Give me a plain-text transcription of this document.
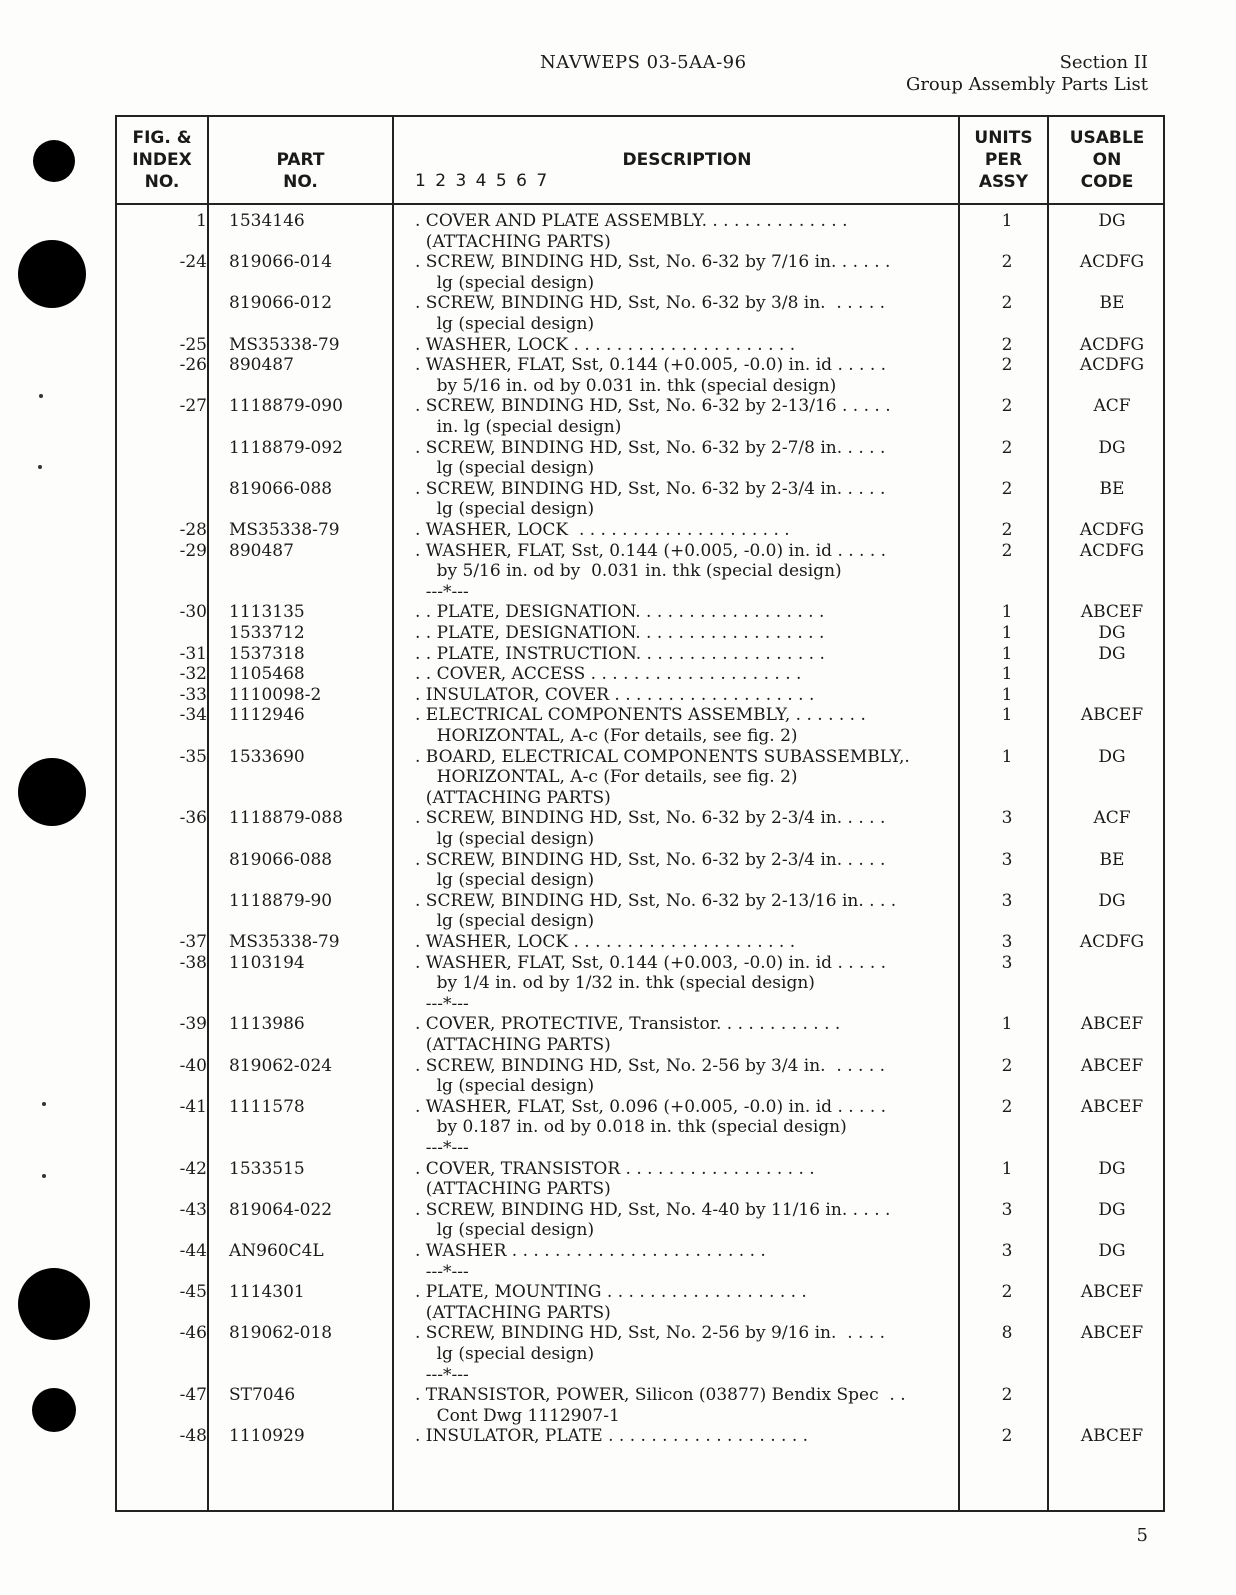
NAVWEPS 03-5AA-96	Section II
Group Assembly Parts List
FIG. &
INDEX
NO.
PART
NO.
DESCRIPTION
1 2 3 4 5 6 7
UNITS
PER
ASSY
USABLE
ON
CODE
1 1534146	. COVER AND PLATE ASSEMBLY. . . . . . . . . . . . . .	1	DG
(ATTACHING PARTS)
-24 819066-014	. SCREW, BINDING HD, Sst, No. 6-32 by 7/16 in. . . . . .	2	ACDFG
lg (special design)
819066-012	. SCREW, BINDING HD, Sst, No. 6-32 by 3/8 in.  . . . . .	2	BE
lg (special design)
-25 MS35338-79	. WASHER, LOCK . . . . . . . . . . . . . . . . . . . . .	2	ACDFG
-26 890487	. WASHER, FLAT, Sst, 0.144 (+0.005, -0.0) in. id . . . . .	2	ACDFG
by 5/16 in. od by 0.031 in. thk (special design)
-27 1118879-090	. SCREW, BINDING HD, Sst, No. 6-32 by 2-13/16 . . . . .	2	ACF
in. lg (special design)
1118879-092	. SCREW, BINDING HD, Sst, No. 6-32 by 2-7/8 in. . . . .	2	DG
lg (special design)
819066-088	. SCREW, BINDING HD, Sst, No. 6-32 by 2-3/4 in. . . . .	2	BE
lg (special design)
-28 MS35338-79	. WASHER, LOCK  . . . . . . . . . . . . . . . . . . . .	2	ACDFG
-29 890487	. WASHER, FLAT, Sst, 0.144 (+0.005, -0.0) in. id . . . . .	2	ACDFG
by 5/16 in. od by  0.031 in. thk (special design)
---*---
-30 1113135	. . PLATE, DESIGNATION. . . . . . . . . . . . . . . . . .	1	ABCEF
1533712	. . PLATE, DESIGNATION. . . . . . . . . . . . . . . . . .	1	DG
-31 1537318	. . PLATE, INSTRUCTION. . . . . . . . . . . . . . . . . .	1	DG
-32 1105468	. . COVER, ACCESS . . . . . . . . . . . . . . . . . . . .	1
-33 1110098-2	. INSULATOR, COVER . . . . . . . . . . . . . . . . . . .	1
-34 1112946	. ELECTRICAL COMPONENTS ASSEMBLY, . . . . . . .	1	ABCEF
HORIZONTAL, A-c (For details, see fig. 2)
-35 1533690	. BOARD, ELECTRICAL COMPONENTS SUBASSEMBLY,.	1	DG
HORIZONTAL, A-c (For details, see fig. 2)
(ATTACHING PARTS)
-36 1118879-088	. SCREW, BINDING HD, Sst, No. 6-32 by 2-3/4 in. . . . .	3	ACF
lg (special design)
819066-088	. SCREW, BINDING HD, Sst, No. 6-32 by 2-3/4 in. . . . .	3	BE
lg (special design)
1118879-90	. SCREW, BINDING HD, Sst, No. 6-32 by 2-13/16 in. . . .	3	DG
lg (special design)
-37 MS35338-79	. WASHER, LOCK . . . . . . . . . . . . . . . . . . . . .	3	ACDFG
-38 1103194	. WASHER, FLAT, Sst, 0.144 (+0.003, -0.0) in. id . . . . .	3
by 1/4 in. od by 1/32 in. thk (special design)
---*---
-39 1113986	. COVER, PROTECTIVE, Transistor. . . . . . . . . . . .	1	ABCEF
(ATTACHING PARTS)
-40 819062-024	. SCREW, BINDING HD, Sst, No. 2-56 by 3/4 in.  . . . . .	2	ABCEF
lg (special design)
-41 1111578	. WASHER, FLAT, Sst, 0.096 (+0.005, -0.0) in. id . . . . .	2	ABCEF
by 0.187 in. od by 0.018 in. thk (special design)
---*---
-42 1533515	. COVER, TRANSISTOR . . . . . . . . . . . . . . . . . .	1	DG
(ATTACHING PARTS)
-43 819064-022	. SCREW, BINDING HD, Sst, No. 4-40 by 11/16 in. . . . .	3	DG
lg (special design)
-44 AN960C4L	. WASHER . . . . . . . . . . . . . . . . . . . . . . . .	3	DG
---*---
-45 1114301	. PLATE, MOUNTING . . . . . . . . . . . . . . . . . . .	2	ABCEF
(ATTACHING PARTS)
-46 819062-018	. SCREW, BINDING HD, Sst, No. 2-56 by 9/16 in.  . . . .	8	ABCEF
lg (special design)
---*---
-47 ST7046	. TRANSISTOR, POWER, Silicon (03877) Bendix Spec  . .	2
Cont Dwg 1112907-1
-48 1110929	. INSULATOR, PLATE . . . . . . . . . . . . . . . . . . .	2	ABCEF
5
